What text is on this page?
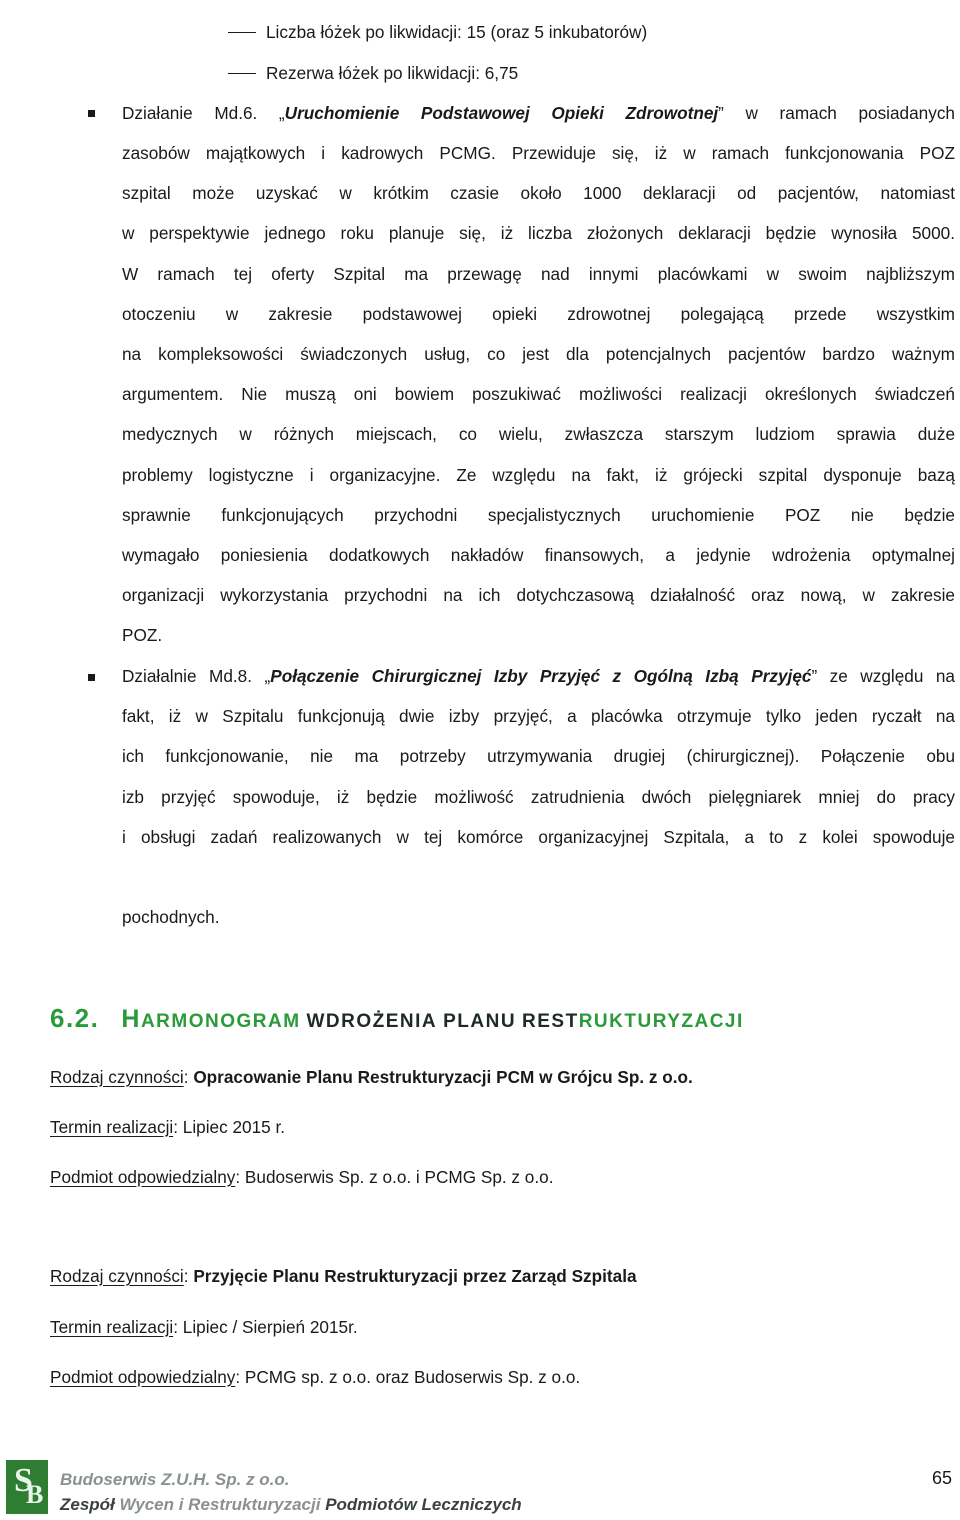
Liczba łóżek po likwidacji: 15 (oraz 5 inkubatorów)
Rezerwa łóżek po likwidacji: 6,75
Działanie Md.6. „Uruchomienie Podstawowej Opieki Zdrowotnej” w ramach posiadanych
zasobów majątkowych i kadrowych PCMG. Przewiduje się, iż w ramach funkcjonowania POZ
szpital może uzyskać w krótkim czasie około 1000 deklaracji od pacjentów, natomiast
w perspektywie jednego roku planuje się, iż liczba złożonych deklaracji będzie wynosiła 5000.
W ramach tej oferty Szpital ma przewagę nad innymi placówkami w swoim najbliższym
otoczeniu w zakresie podstawowej opieki zdrowotnej polegającą przede wszystkim
na kompleksowości świadczonych usług, co jest dla potencjalnych pacjentów bardzo ważnym
argumentem. Nie muszą oni bowiem poszukiwać możliwości realizacji określonych świadczeń
medycznych w różnych miejscach, co wielu, zwłaszcza starszym ludziom sprawia duże
problemy logistyczne i organizacyjne. Ze względu na fakt, iż grójecki szpital dysponuje bazą
sprawnie funkcjonujących przychodni specjalistycznych uruchomienie POZ nie będzie
wymagało poniesienia dodatkowych nakładów finansowych, a jedynie wdrożenia optymalnej
organizacji wykorzystania przychodni na ich dotychczasową działalność oraz nową, w zakresie
POZ.
Działalnie Md.8. „Połączenie Chirurgicznej Izby Przyjęć z Ogólną Izbą Przyjęć” ze względu na
fakt, iż w Szpitalu funkcjonują dwie izby przyjęć, a placówka otrzymuje tylko jeden ryczałt na
ich funkcjonowanie, nie ma potrzeby utrzymywania drugiej (chirurgicznej). Połączenie obu
izb przyjęć spowoduje, iż będzie możliwość zatrudnienia dwóch pielęgniarek mniej do pracy
i obsługi zadań realizowanych w tej komórce organizacyjnej Szpitala, a to z kolei spowoduje
pochodnych.
6.2. HARMONOGRAM WDROŻENIA PLANU RESTRUKTURYZACJI
Rodzaj czynności: Opracowanie Planu Restrukturyzacji PCM w Grójcu Sp. z o.o.
Termin realizacji: Lipiec 2015 r.
Podmiot odpowiedzialny: Budoserwis Sp. z o.o. i PCMG Sp. z o.o.
Rodzaj czynności: Przyjęcie Planu Restrukturyzacji przez Zarząd Szpitala
Termin realizacji: Lipiec / Sierpień 2015r.
Podmiot odpowiedzialny: PCMG sp. z o.o. oraz Budoserwis Sp. z o.o.
S
B
Budoserwis Z.U.H. Sp. z o.o.
Zespół Wycen i Restrukturyzacji Podmiotów Leczniczych
65
